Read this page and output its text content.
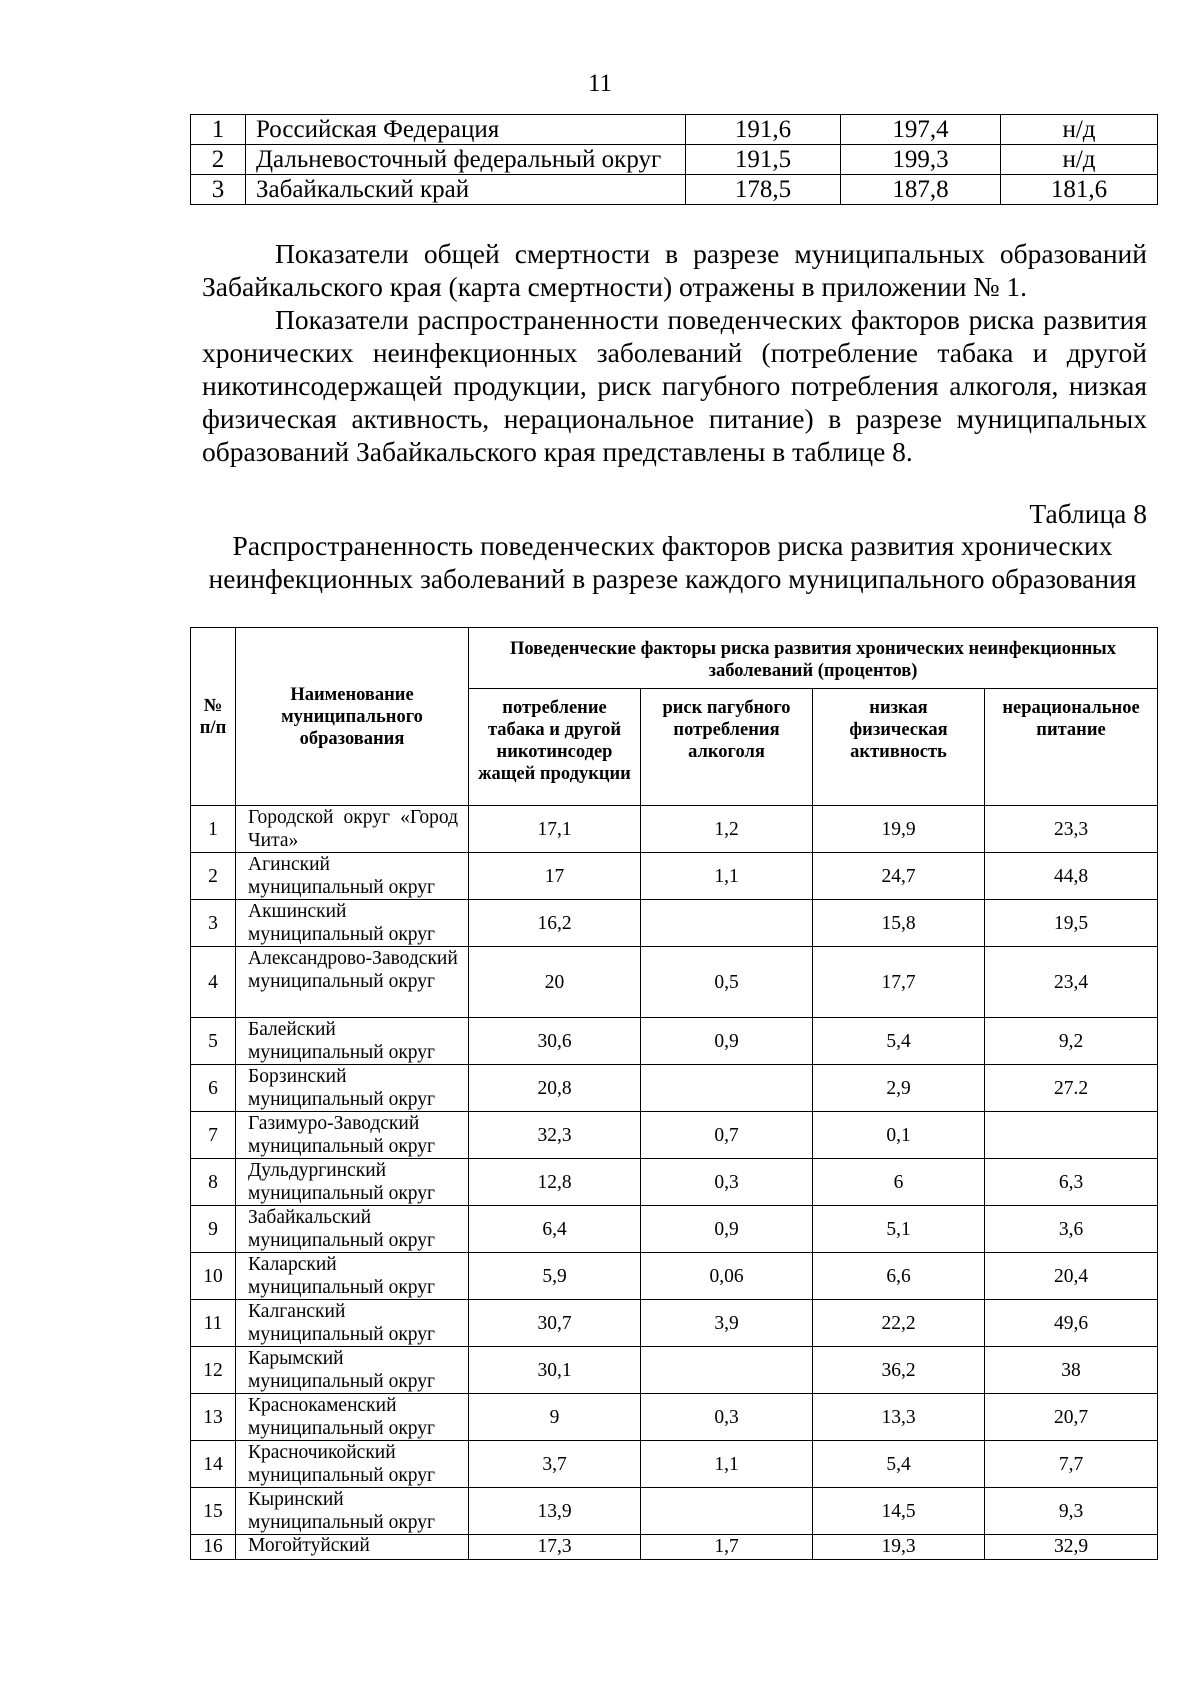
11
1	Российская Федерация	191,6	197,4	н/д
2	Дальневосточный федеральный округ	191,5	199,3	н/д
3	Забайкальский край	178,5	187,8	181,6

Показатели общей смертности в разрезе муниципальных образований Забайкальского края (карта смертности) отражены в приложении № 1.

Показатели распространенности поведенческих факторов риска развития хронических неинфекционных заболеваний (потребление табака и другой никотинсодержащей продукции, риск пагубного потребления алкоголя, низкая физическая активность, нерациональное питание) в разрезе муниципальных образований Забайкальского края представлены в таблице 8.

Таблица 8
Распространенность поведенческих факторов риска развития хронических неинфекционных заболеваний в разрезе каждого муниципального образования
№ п/п	Наименование муниципального образования	Поведенческие факторы риска развития хронических неинфекционных заболеваний (процентов)			
		потребление табака и другой никотинсодер жащей продукции	риск пагубного потребления алкоголя	низкая физическая активность	нерациональное питание
1	Городской округ «Город Чита»	17,1	1,2	19,9	23,3
2	Агинский муниципальный округ	17	1,1	24,7	44,8
3	Акшинский муниципальный округ	16,2		15,8	19,5
4	Александрово-Заводский муниципальный округ	20	0,5	17,7	23,4
5	Балейский муниципальный округ	30,6	0,9	5,4	9,2
6	Борзинский муниципальный округ	20,8		2,9	27.2
7	Газимуро-Заводский муниципальный округ	32,3	0,7	0,1	
8	Дульдургинский муниципальный округ	12,8	0,3	6	6,3
9	Забайкальский муниципальный округ	6,4	0,9	5,1	3,6
10	Каларский муниципальный округ	5,9	0,06	6,6	20,4
11	Калганский муниципальный округ	30,7	3,9	22,2	49,6
12	Карымский муниципальный округ	30,1		36,2	38
13	Краснокаменский муниципальный округ	9	0,3	13,3	20,7
14	Красночикойский муниципальный округ	3,7	1,1	5,4	7,7
15	Кыринский муниципальный округ	13,9		14,5	9,3
16	Могойтуйский	17,3	1,7	19,3	32,9
